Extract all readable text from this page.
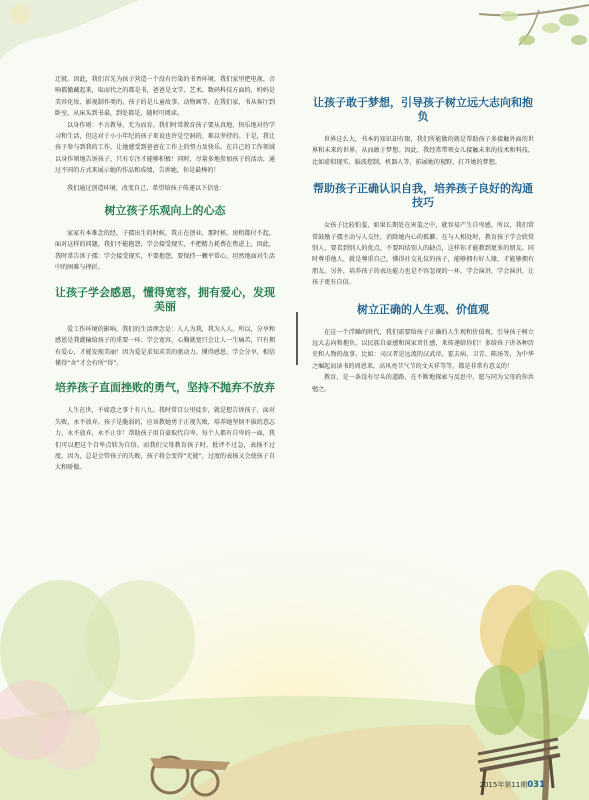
迁就。因此，我们首先为孩子营造一个没有污染的书香环境，我们家里把电视、音响都撤藏起来，取而代之的都是书，爸爸是文学、艺术、数码科技方面的，妈妈是美容化妆、影视制作类的，孩子的是儿童故事、动物画等。在我们家，书从客厅到卧室，从床头到书桌，到处都是，随时可阅读。

以身作则：不言教导、无为而育。我们时常教育孩子要从真地、快乐地对待学习和生活，但这对于小小年纪的孩子来说也许是空洞的、难以坚持的。于是，我让孩子参与到我的工作，让她感受到爸爸在工作上的努力及快乐。在自己的工作领域以身作则地告诉孩子，只有专注才能够积极！同时，尽量多地参加孩子的活动，通过不同的方式来展示她的作品和成绩，告诉她，你是最棒的！

我们通过创造环境，改变自己，希望给孩子传递以下信息：

树立孩子乐观向上的心态

家家有本难念的经，子孺出生的时候，我正在创业，那时候，房租都付不起，面对这样的问题，我们不能抱怨，学会接受现实，不把精力耗费在焦虑上，因此，我时常告诉子孺：学会接受现实，不要抱怨，要保持一颗平常心，坦然地面对生活中的困难与挫折。

让孩子学会感恩，懂得宽容，拥有爱心，发现美丽

爱工作环境的影响，我们的生活理念是：人人为我，我为人人。所以，分享和感恩是我灌输给孩子的重要一环；学会宽容，心胸就宽只会让人一生痛苦，只有拥有爱心，才能发现美丽！因为爱是求知求美的驱动力。懂得感恩，学会分享，相信懂得“舍”才会有所“得”。

培养孩子直面挫败的勇气，坚持不抛弃不放弃

人生在世，不如意之事十有八九。我时常百公里徒步，就是想告诉孩子，面对失败，永不放弃。孩子是脆弱的，应该教她勇于正视失败，培养她坚韧不拔的意志力，永不放弃，永不止步！帮助孩子用自豪取代自卑，每个人都有自卑的一面，我们可以把这个自卑点转为自信。而我们父母教育孩子时，批评不过急，表扬不过度。因为，总是会管孩子的失败，孩子将会变得“无能”，过度的表扬又会使孩子自大和骄傲。

让孩子敢于梦想，引导孩子树立远大志向和抱负

世界这么大，书本的知识却有限，我们所能做的就是帮助孩子多接触外面的世界和未来的世界，从而敢于梦想。因此，我经常带领女儿接触未来的技术和科技，比如虚拟现实、脑波控制、机器人等，拓展她的视野，打开她的梦想。

帮助孩子正确认识自我，培养孩子良好的沟通技巧

女孩子比较怕羞，如果长期处在害羞之中，就容易产生自卑感，所以，我们常常鼓励子孺主动与人交往，消除她内心的孤僻。在与人相处时，教育孩子学会欣赏别人，要看到别人的优点，不要纠结别人的缺点，这样你才能教到更多的朋友。同时尊重他人，就是尊重自己，懂得社交礼仪的孩子，能够拥有好人缘，才能够拥有朋友。另外，培养孩子的表达能力也是不容忽视的一环，学会演讲，学会演讲，让孩子更有自信。

树立正确的人生观、价值观

在这一个浮躁的时代，我们需要给孩子正确的人生观和价值观，引导孩子树立远大志向和抱负，以民族自豪感和国家责任感，来传递给你们！多给孩子讲各种历史和人物的故事，比如：司汉者是远流的汉武帝、霍去病、卫青、陈汤等，为中华之崛起而读书的周恩来，高风亮节气节的文天祥等等，都是非常有意义的！

教育，是一条没有尽头的道路，在不断地探索与反思中，愿与同为父母的你共勉之。

2015年第11期031
